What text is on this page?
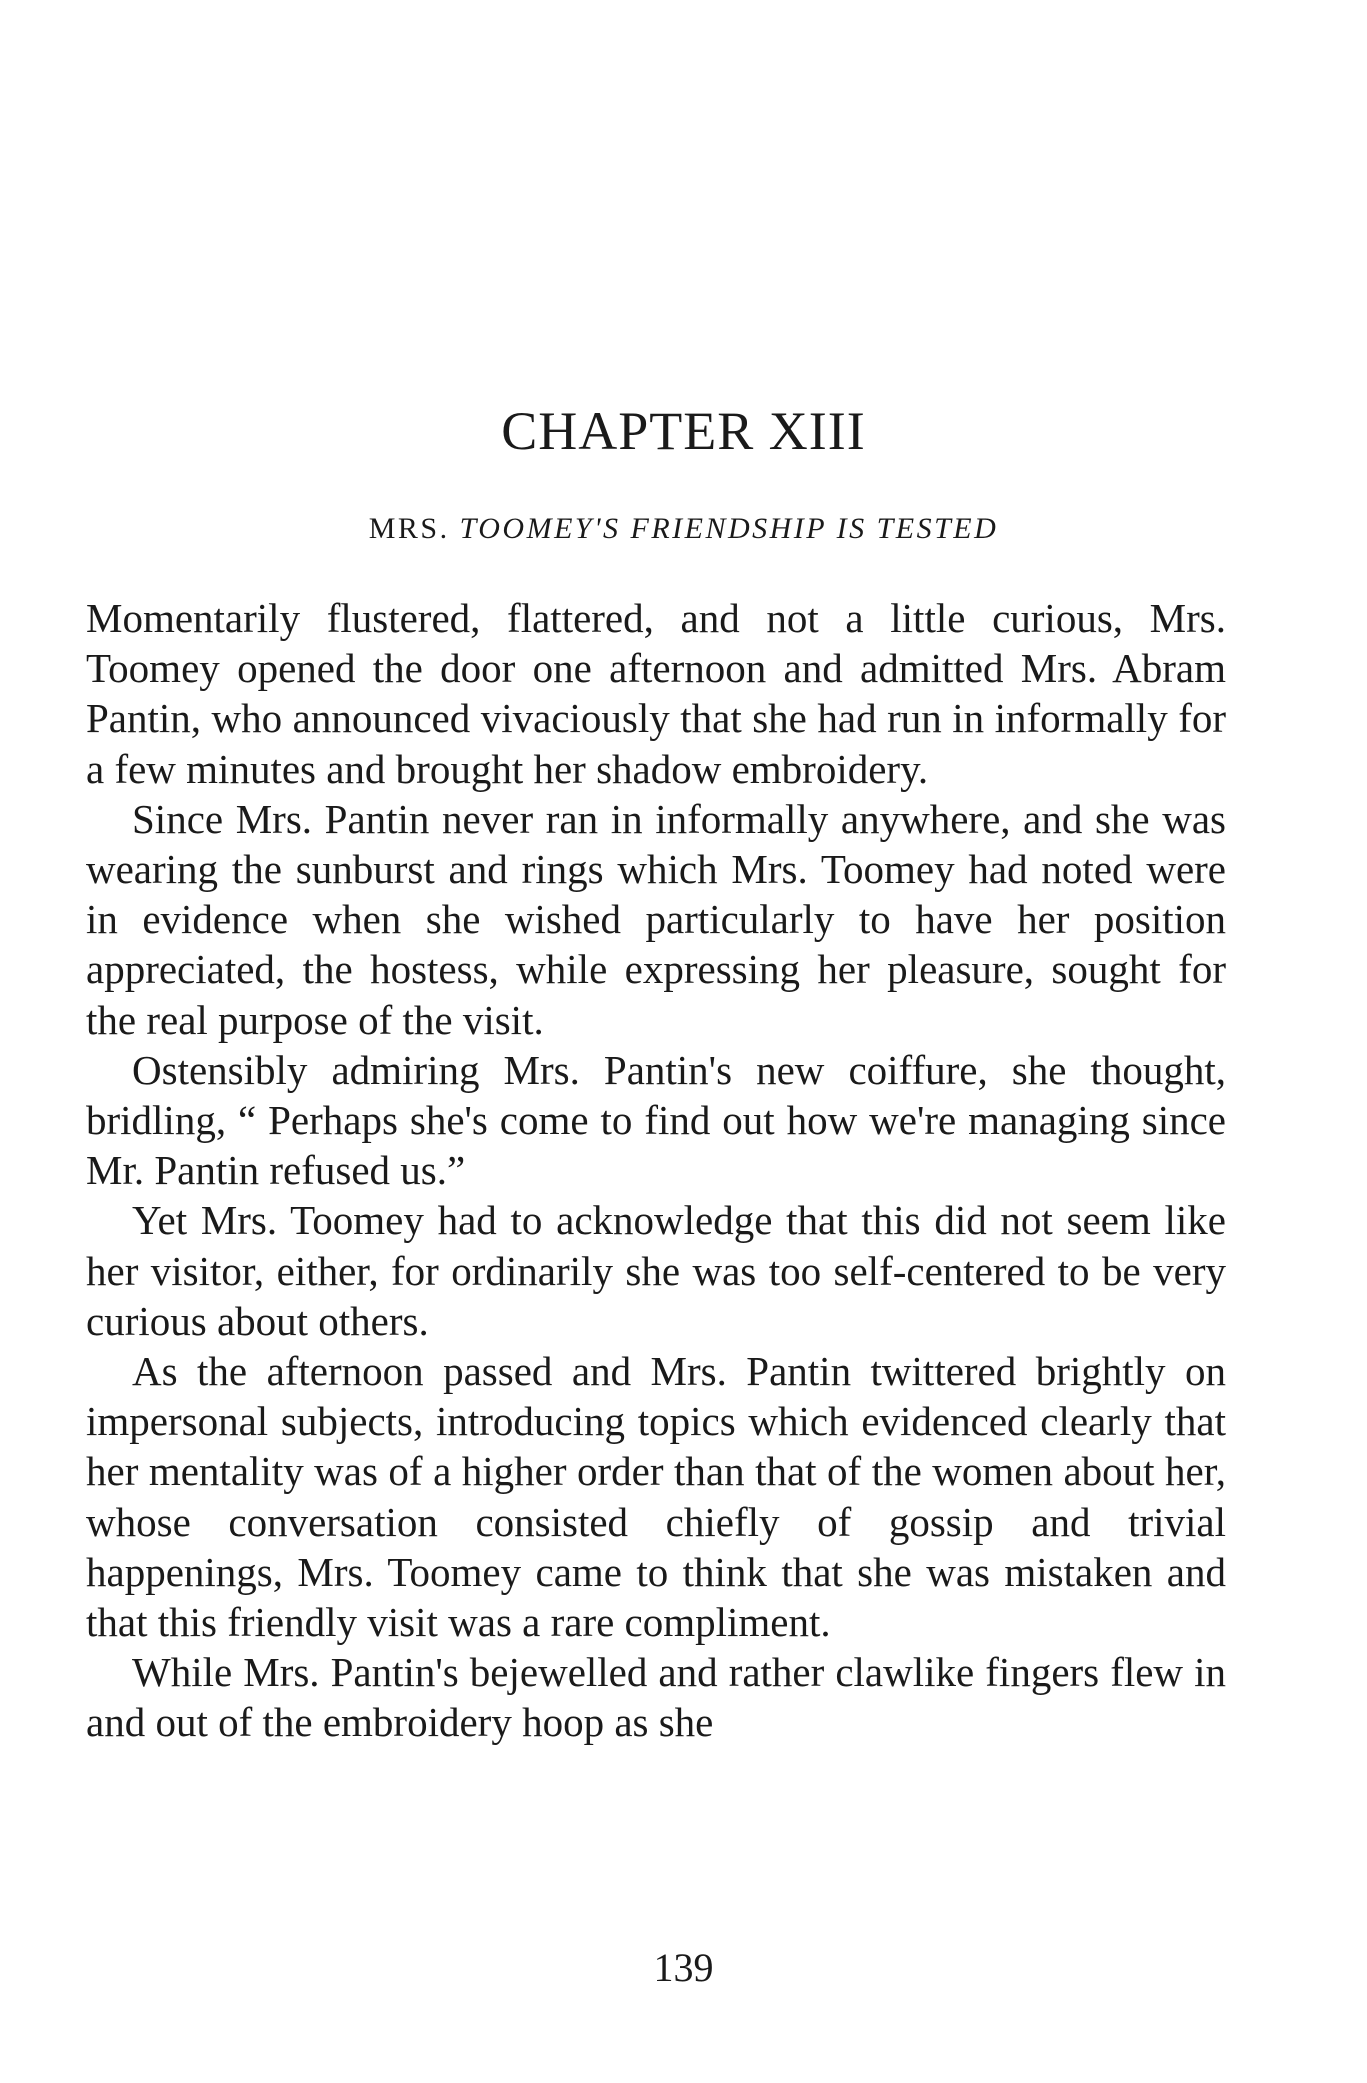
CHAPTER XIII
MRS. TOOMEY'S FRIENDSHIP IS TESTED

Momentarily flustered, flattered, and not a little curious, Mrs. Toomey opened the door one afternoon and admitted Mrs. Abram Pantin, who announced vivaciously that she had run in informally for a few minutes and brought her shadow embroidery.

Since Mrs. Pantin never ran in informally anywhere, and she was wearing the sunburst and rings which Mrs. Toomey had noted were in evidence when she wished particularly to have her position appreciated, the hostess, while expressing her pleasure, sought for the real purpose of the visit.

Ostensibly admiring Mrs. Pantin's new coiffure, she thought, bridling, “ Perhaps she's come to find out how we're managing since Mr. Pantin refused us.”

Yet Mrs. Toomey had to acknowledge that this did not seem like her visitor, either, for ordinarily she was too self-centered to be very curious about others.

As the afternoon passed and Mrs. Pantin twittered brightly on impersonal subjects, introducing topics which evidenced clearly that her mentality was of a higher order than that of the women about her, whose conversation consisted chiefly of gossip and trivial happenings, Mrs. Toomey came to think that she was mistaken and that this friendly visit was a rare compliment.

While Mrs. Pantin's bejewelled and rather clawlike fingers flew in and out of the embroidery hoop as she

139
